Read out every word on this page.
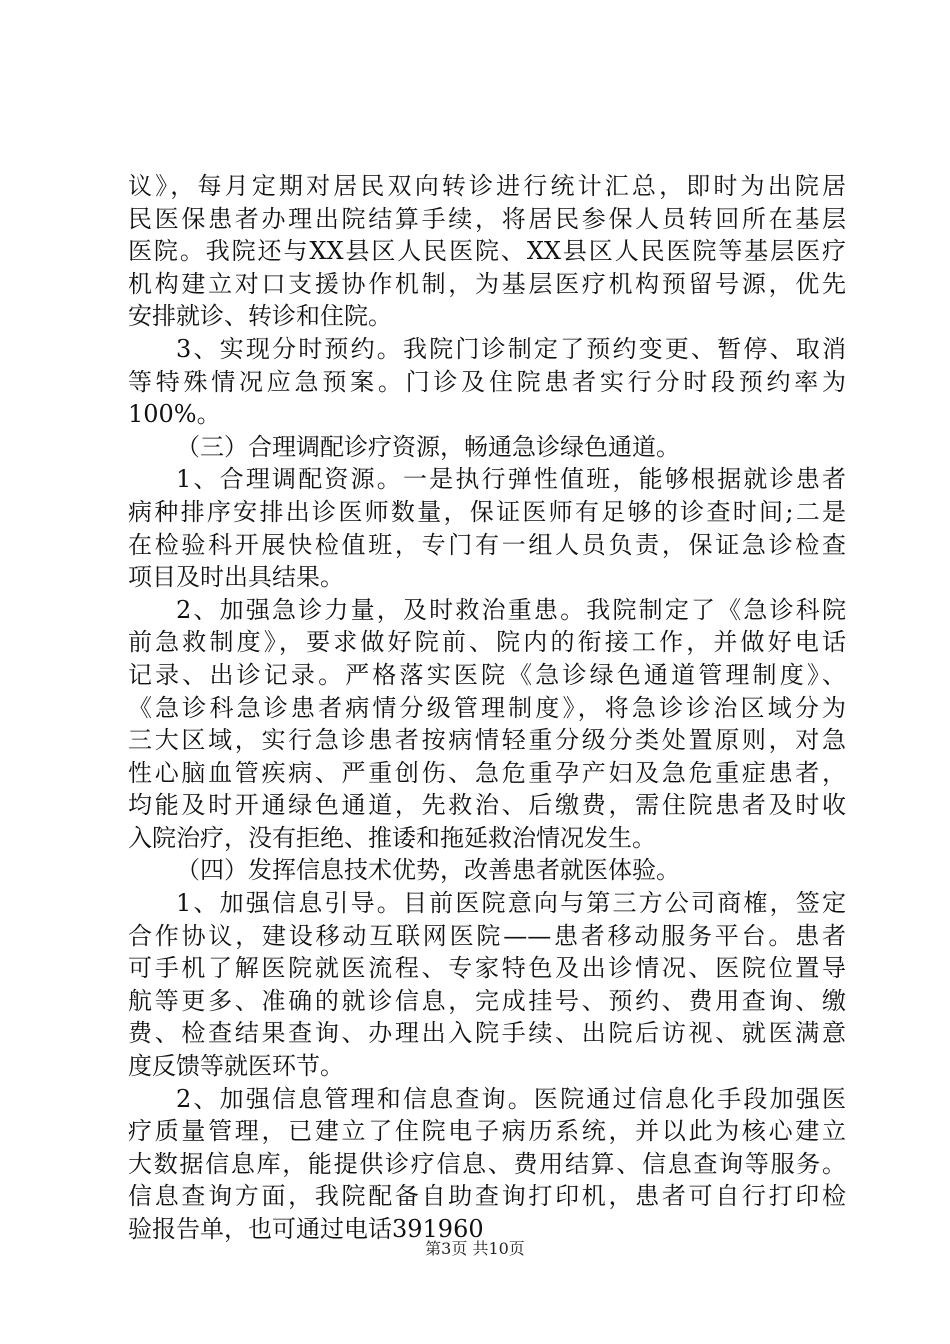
议》，每月定期对居民双向转诊进行统计汇总，即时为出院居
民医保患者办理出院结算手续，将居民参保人员转回所在基层
医院。我院还与XX县区人民医院、XX县区人民医院等基层医疗
机构建立对口支援协作机制，为基层医疗机构预留号源，优先
安排就诊、转诊和住院。
3、实现分时预约。我院门诊制定了预约变更、暂停、取消
等特殊情况应急预案。门诊及住院患者实行分时段预约率为
100%。
（三）合理调配诊疗资源，畅通急诊绿色通道。
1、合理调配资源。一是执行弹性值班，能够根据就诊患者
病种排序安排出诊医师数量，保证医师有足够的诊查时间;二是
在检验科开展快检值班，专门有一组人员负责，保证急诊检查
项目及时出具结果。
2、加强急诊力量，及时救治重患。我院制定了《急诊科院
前急救制度》，要求做好院前、院内的衔接工作，并做好电话
记录、出诊记录。严格落实医院《急诊绿色通道管理制度》、
《急诊科急诊患者病情分级管理制度》，将急诊诊治区域分为
三大区域，实行急诊患者按病情轻重分级分类处置原则，对急
性心脑血管疾病、严重创伤、急危重孕产妇及急危重症患者，
均能及时开通绿色通道，先救治、后缴费，需住院患者及时收
入院治疗，没有拒绝、推诿和拖延救治情况发生。
（四）发挥信息技术优势，改善患者就医体验。
1、加强信息引导。目前医院意向与第三方公司商榷，签定
合作协议，建设移动互联网医院——患者移动服务平台。患者
可手机了解医院就医流程、专家特色及出诊情况、医院位置导
航等更多、准确的就诊信息，完成挂号、预约、费用查询、缴
费、检查结果查询、办理出入院手续、出院后访视、就医满意
度反馈等就医环节。
2、加强信息管理和信息查询。医院通过信息化手段加强医
疗质量管理，已建立了住院电子病历系统，并以此为核心建立
大数据信息库，能提供诊疗信息、费用结算、信息查询等服务。
信息查询方面，我院配备自助查询打印机，患者可自行打印检
验报告单，也可通过电话391960
第3页 共10页
